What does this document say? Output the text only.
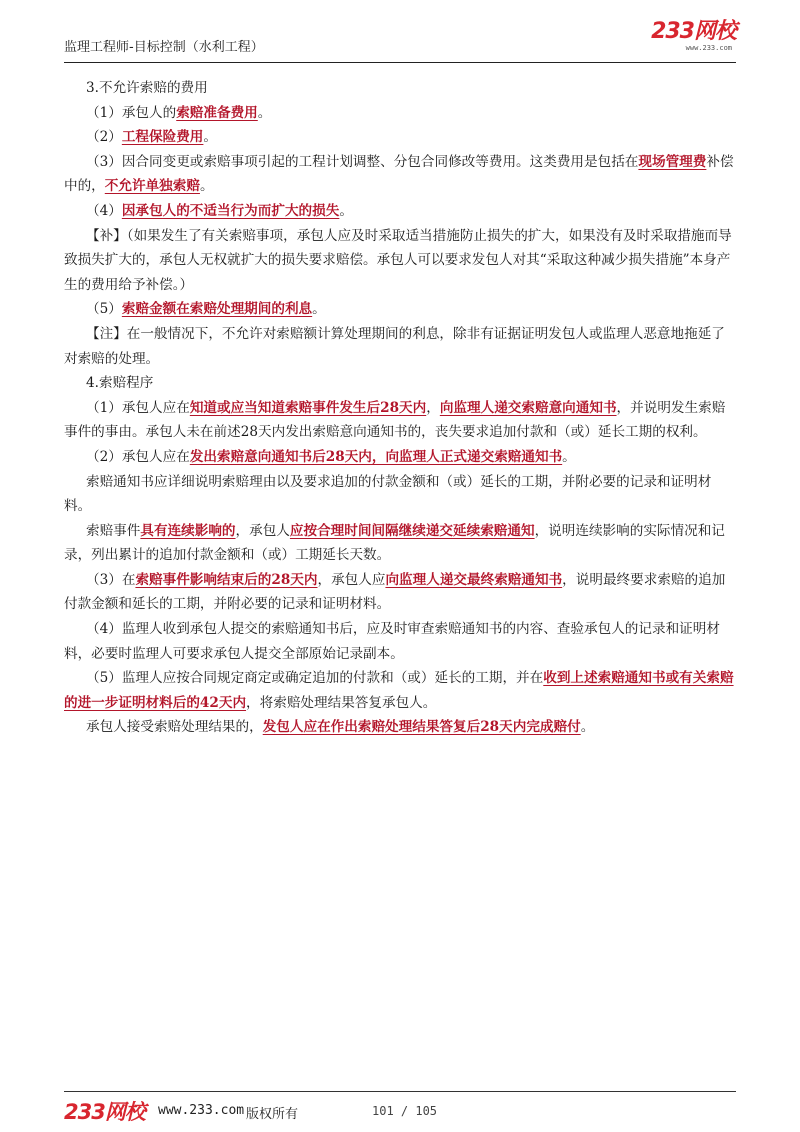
监理工程师-目标控制（水利工程）
233网校
www.233.com

3.不允许索赔的费用

（1）承包人的索赔准备费用。

（2）工程保险费用。

（3）因合同变更或索赔事项引起的工程计划调整、分包合同修改等费用。这类费用是包括在现场管理费补偿中的，不允许单独索赔。

（4）因承包人的不适当行为而扩大的损失。

【补】（如果发生了有关索赔事项，承包人应及时采取适当措施防止损失的扩大，如果没有及时采取措施而导致损失扩大的，承包人无权就扩大的损失要求赔偿。承包人可以要求发包人对其“采取这种减少损失措施”本身产生的费用给予补偿。）

（5）索赔金额在索赔处理期间的利息。

【注】在一般情况下，不允许对索赔额计算处理期间的利息，除非有证据证明发包人或监理人恶意地拖延了对索赔的处理。

4.索赔程序

（1）承包人应在知道或应当知道索赔事件发生后28天内，向监理人递交索赔意向通知书，并说明发生索赔事件的事由。承包人未在前述28天内发出索赔意向通知书的，丧失要求追加付款和（或）延长工期的权利。

（2）承包人应在发出索赔意向通知书后28天内，向监理人正式递交索赔通知书。

索赔通知书应详细说明索赔理由以及要求追加的付款金额和（或）延长的工期，并附必要的记录和证明材料。

索赔事件具有连续影响的，承包人应按合理时间间隔继续递交延续索赔通知，说明连续影响的实际情况和记录，列出累计的追加付款金额和（或）工期延长天数。

（3）在索赔事件影响结束后的28天内，承包人应向监理人递交最终索赔通知书，说明最终要求索赔的追加付款金额和延长的工期，并附必要的记录和证明材料。

（4）监理人收到承包人提交的索赔通知书后，应及时审查索赔通知书的内容、查验承包人的记录和证明材料，必要时监理人可要求承包人提交全部原始记录副本。

（5）监理人应按合同规定商定或确定追加的付款和（或）延长的工期，并在收到上述索赔通知书或有关索赔的进一步证明材料后的42天内，将索赔处理结果答复承包人。

承包人接受索赔处理结果的，发包人应在作出索赔处理结果答复后28天内完成赔付。

233网校 www.233.com 版权所有	101 / 105
